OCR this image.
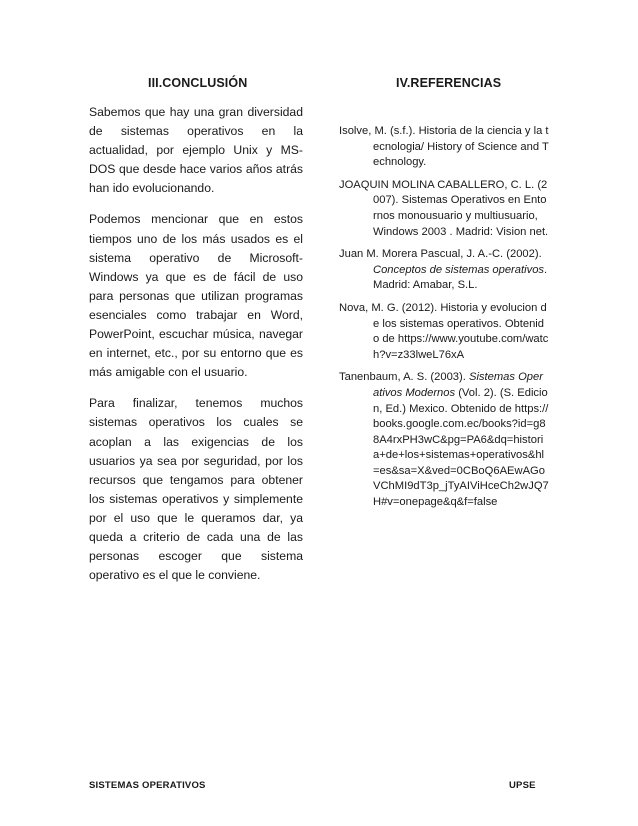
III.CONCLUSIÓN	IV.REFERENCIAS

Sabemos que hay una gran diversidad de sistemas operativos en la actualidad, por ejemplo Unix y MS-DOS que desde hace varios años atrás han ido evolucionando.

Podemos mencionar que en estos tiempos uno de los más usados es el sistema operativo de Microsoft-Windows ya que es de fácil de uso para personas que utilizan programas esenciales como trabajar en Word, PowerPoint, escuchar música, navegar en internet, etc., por su entorno que es más amigable con el usuario.

Para finalizar, tenemos muchos sistemas operativos los cuales se acoplan a las exigencias de los usuarios ya sea por seguridad, por los recursos que tengamos para obtener los sistemas operativos y simplemente por el uso que le queramos dar, ya queda a criterio de cada una de las personas escoger que sistema operativo es el que le conviene.

Isolve, M. (s.f.). Historia de la ciencia y la tecnologia/ History of Science and Technology.

JOAQUIN MOLINA CABALLERO, C. L. (2007). Sistemas Operativos en Entornos monousuario y multiusuario, Windows 2003 . Madrid: Vision net.

Juan M. Morera Pascual, J. A.-C. (2002). Conceptos de sistemas operativos. Madrid: Amabar, S.L.

Nova, M. G. (2012). Historia y evolucion de los sistemas operativos. Obtenido de https://www.youtube.com/watch?v=z33lweL76xA

Tanenbaum, A. S. (2003). Sistemas Operativos Modernos (Vol. 2). (S. Edicion, Ed.) Mexico. Obtenido de https://books.google.com.ec/books?id=g88A4rxPH3wC&pg=PA6&dq=historia+de+los+sistemas+operativos&hl=es&sa=X&ved=0CBoQ6AEwAGoVChMI9dT3p_jTyAIViHceCh2wJQ7H#v=onepage&q&f=false

SISTEMAS OPERATIVOS	UPSE
